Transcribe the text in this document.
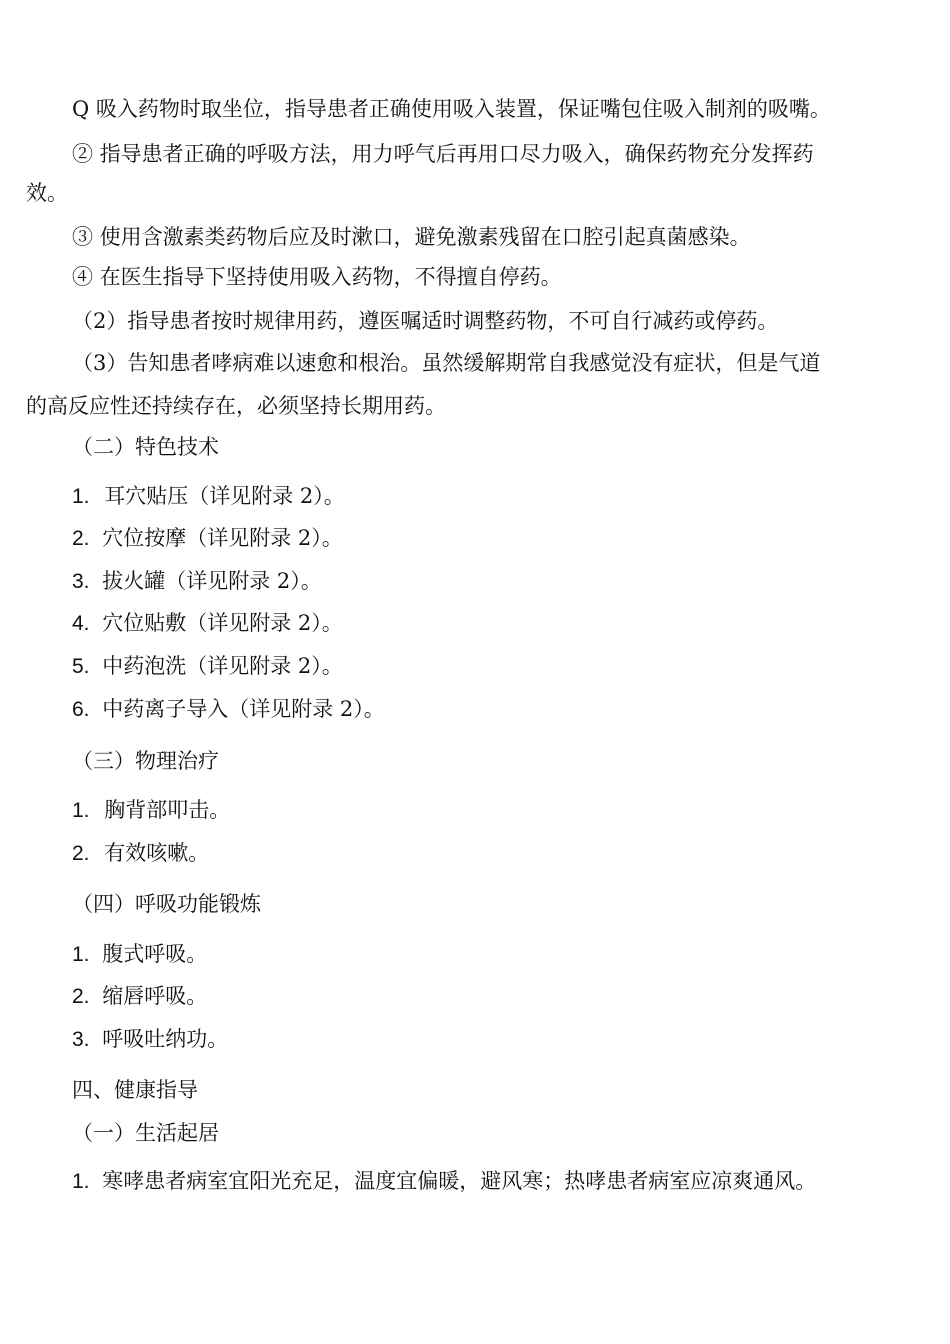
Q 吸入药物时取坐位，指导患者正确使用吸入装置，保证嘴包住吸入制剂的吸嘴。
② 指导患者正确的呼吸方法，用力呼气后再用口尽力吸入，确保药物充分发挥药
效。
③ 使用含激素类药物后应及时漱口，避免激素残留在口腔引起真菌感染。
④ 在医生指导下坚持使用吸入药物，不得擅自停药。
（2）指导患者按时规律用药，遵医嘱适时调整药物，不可自行减药或停药。
（3）告知患者哮病难以速愈和根治。虽然缓解期常自我感觉没有症状，但是气道
的高反应性还持续存在，必须坚持长期用药。
（二）特色技术
1. 耳穴贴压（详见附录 2）。
2. 穴位按摩（详见附录 2）。
3. 拔火罐（详见附录 2）。
4. 穴位贴敷（详见附录 2）。
5. 中药泡洗（详见附录 2）。
6. 中药离子导入（详见附录 2）。
（三）物理治疗
1. 胸背部叩击。
2. 有效咳嗽。
（四）呼吸功能锻炼
1. 腹式呼吸。
2. 缩唇呼吸。
3. 呼吸吐纳功。
四、健康指导
（一）生活起居
1. 寒哮患者病室宜阳光充足，温度宜偏暖，避风寒；热哮患者病室应凉爽通风。
